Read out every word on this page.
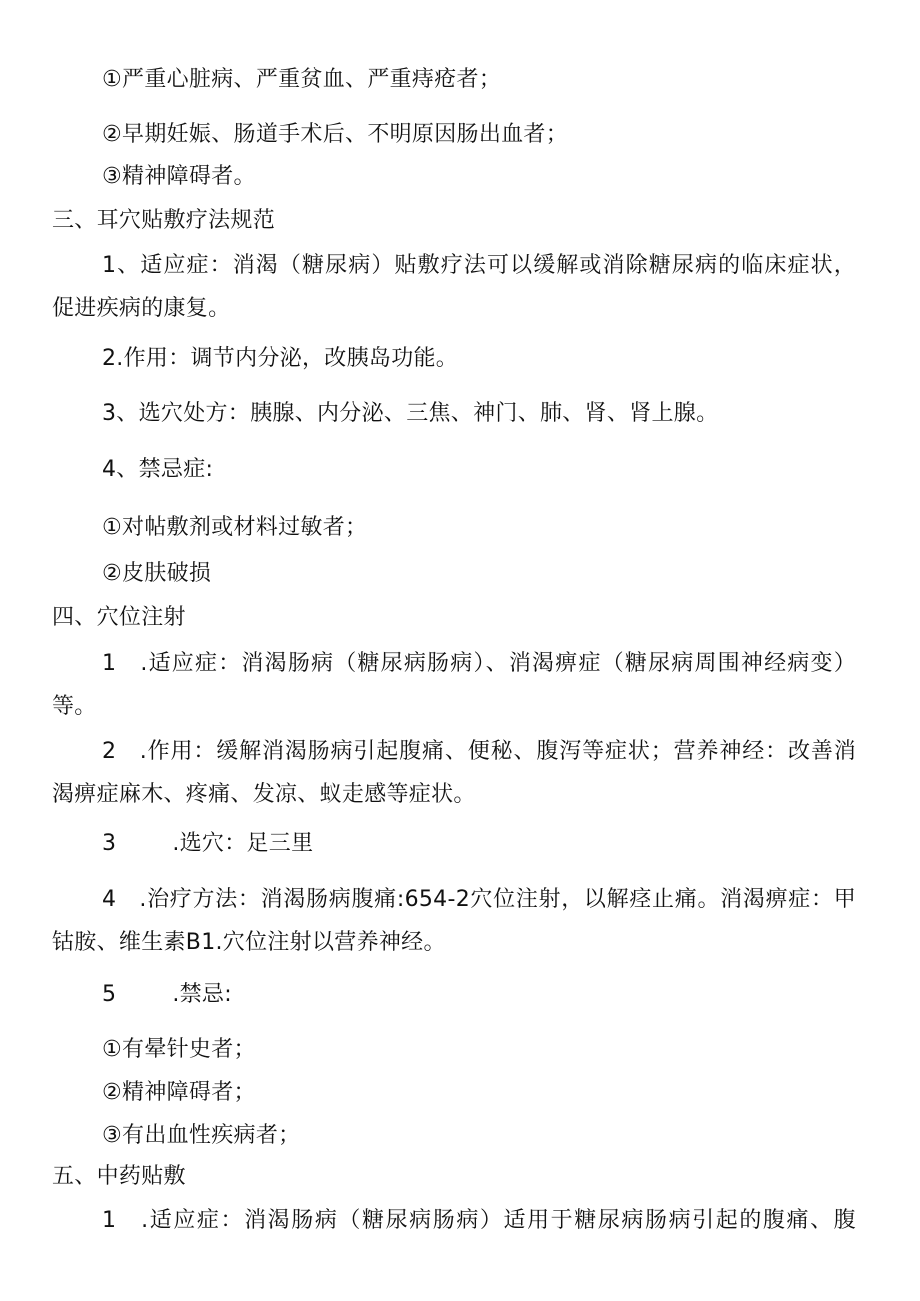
①严重心脏病、严重贫血、严重痔疮者；
②早期妊娠、肠道手术后、不明原因肠出血者；
③精神障碍者。
三、耳穴贴敷疗法规范
1、适应症：消渴（糖尿病）贴敷疗法可以缓解或消除糖尿病的临床症状，
促进疾病的康复。
2.作用：调节内分泌，改胰岛功能。
3、选穴处方：胰腺、内分泌、三焦、神门、肺、肾、肾上腺。
4、禁忌症:
①对帖敷剂或材料过敏者；
②皮肤破损
四、穴位注射
1　.适应症：消渴肠病（糖尿病肠病）、消渴痹症（糖尿病周围神经病变）
等。
2　.作用：缓解消渴肠病引起腹痛、便秘、腹泻等症状；营养神经：改善消
渴痹症麻木、疼痛、发凉、蚁走感等症状。
3	.选穴：足三里
4　.治疗方法：消渴肠病腹痛:654-2穴位注射，以解痉止痛。消渴痹症：甲
钴胺、维生素B1.穴位注射以营养神经。
5	.禁忌:
①有晕针史者；
②精神障碍者；
③有出血性疾病者；
五、中药贴敷
1　.适应症：消渴肠病（糖尿病肠病）适用于糖尿病肠病引起的腹痛、腹
